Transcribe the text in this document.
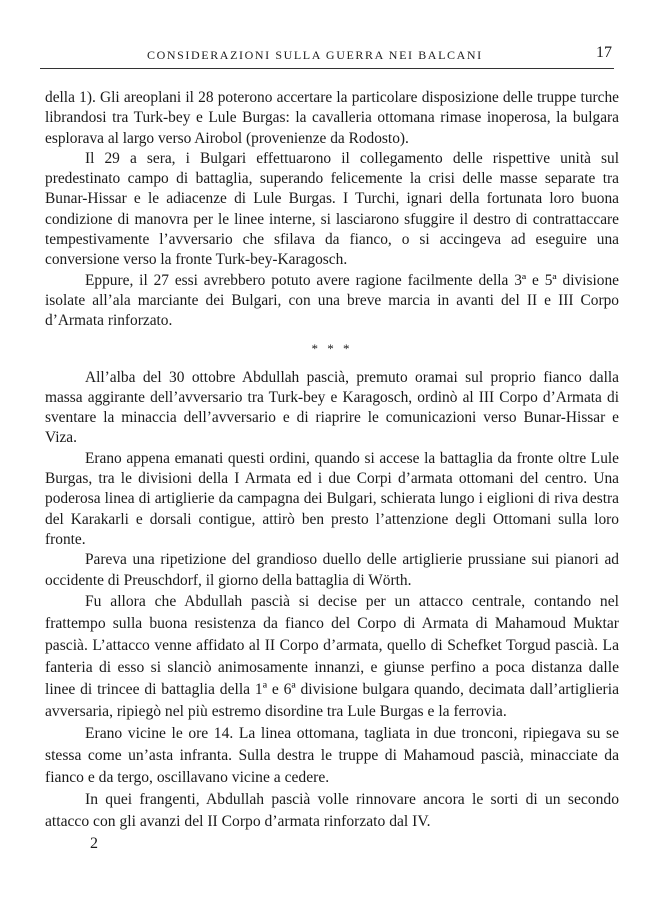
CONSIDERAZIONI SULLA GUERRA NEI BALCANI	17

della 1). Gli areoplani il 28 poterono accertare la particolare disposizione delle truppe turche librandosi tra Turk-bey e Lule Burgas: la cavalleria ottomana rimase inoperosa, la bulgara esplorava al largo verso Airobol (provenienze da Rodosto).

Il 29 a sera, i Bulgari effettuarono il collegamento delle rispettive unità sul predestinato campo di battaglia, superando felicemente la crisi delle masse separate tra Bunar-Hissar e le adiacenze di Lule Burgas. I Turchi, ignari della fortunata loro buona condizione di manovra per le linee interne, si lasciarono sfuggire il destro di contrattaccare tempestivamente l’avversario che sfilava da fianco, o si accingeva ad eseguire una conversione verso la fronte Turk-bey-Karagosch.

Eppure, il 27 essi avrebbero potuto avere ragione facilmente della 3ª e 5ª divisione isolate all’ala marciante dei Bulgari, con una breve marcia in avanti del II e III Corpo d’Armata rinforzato.

* * *

All’alba del 30 ottobre Abdullah pascià, premuto oramai sul proprio fianco dalla massa aggirante dell’avversario tra Turk-bey e Karagosch, ordinò al III Corpo d’Armata di sventare la minaccia dell’avversario e di riaprire le comunicazioni verso Bunar-Hissar e Viza.

Erano appena emanati questi ordini, quando si accese la battaglia da fronte oltre Lule Burgas, tra le divisioni della I Armata ed i due Corpi d’armata ottomani del centro. Una poderosa linea di artiglierie da campagna dei Bulgari, schierata lungo i eiglioni di riva destra del Karakarli e dorsali contigue, attirò ben presto l’attenzione degli Ottomani sulla loro fronte.

Pareva una ripetizione del grandioso duello delle artiglierie prussiane sui pianori ad occidente di Preuschdorf, il giorno della battaglia di Wörth.

Fu allora che Abdullah pascià si decise per un attacco centrale, contando nel frattempo sulla buona resistenza da fianco del Corpo di Armata di Mahamoud Muktar pascià. L’attacco venne affidato al II Corpo d’armata, quello di Schefket Torgud pascià. La fanteria di esso si slanciò animosamente innanzi, e giunse perfino a poca distanza dalle linee di trincee di battaglia della 1ª e 6ª divisione bulgara quando, decimata dall’artiglieria avversaria, ripiegò nel più estremo disordine tra Lule Burgas e la ferrovia.

Erano vicine le ore 14. La linea ottomana, tagliata in due tronconi, ripiegava su se stessa come un’asta infranta. Sulla destra le truppe di Mahamoud pascià, minacciate da fianco e da tergo, oscillavano vicine a cedere.

In quei frangenti, Abdullah pascià volle rinnovare ancora le sorti di un secondo attacco con gli avanzi del II Corpo d’armata rinforzato dal IV.

2
